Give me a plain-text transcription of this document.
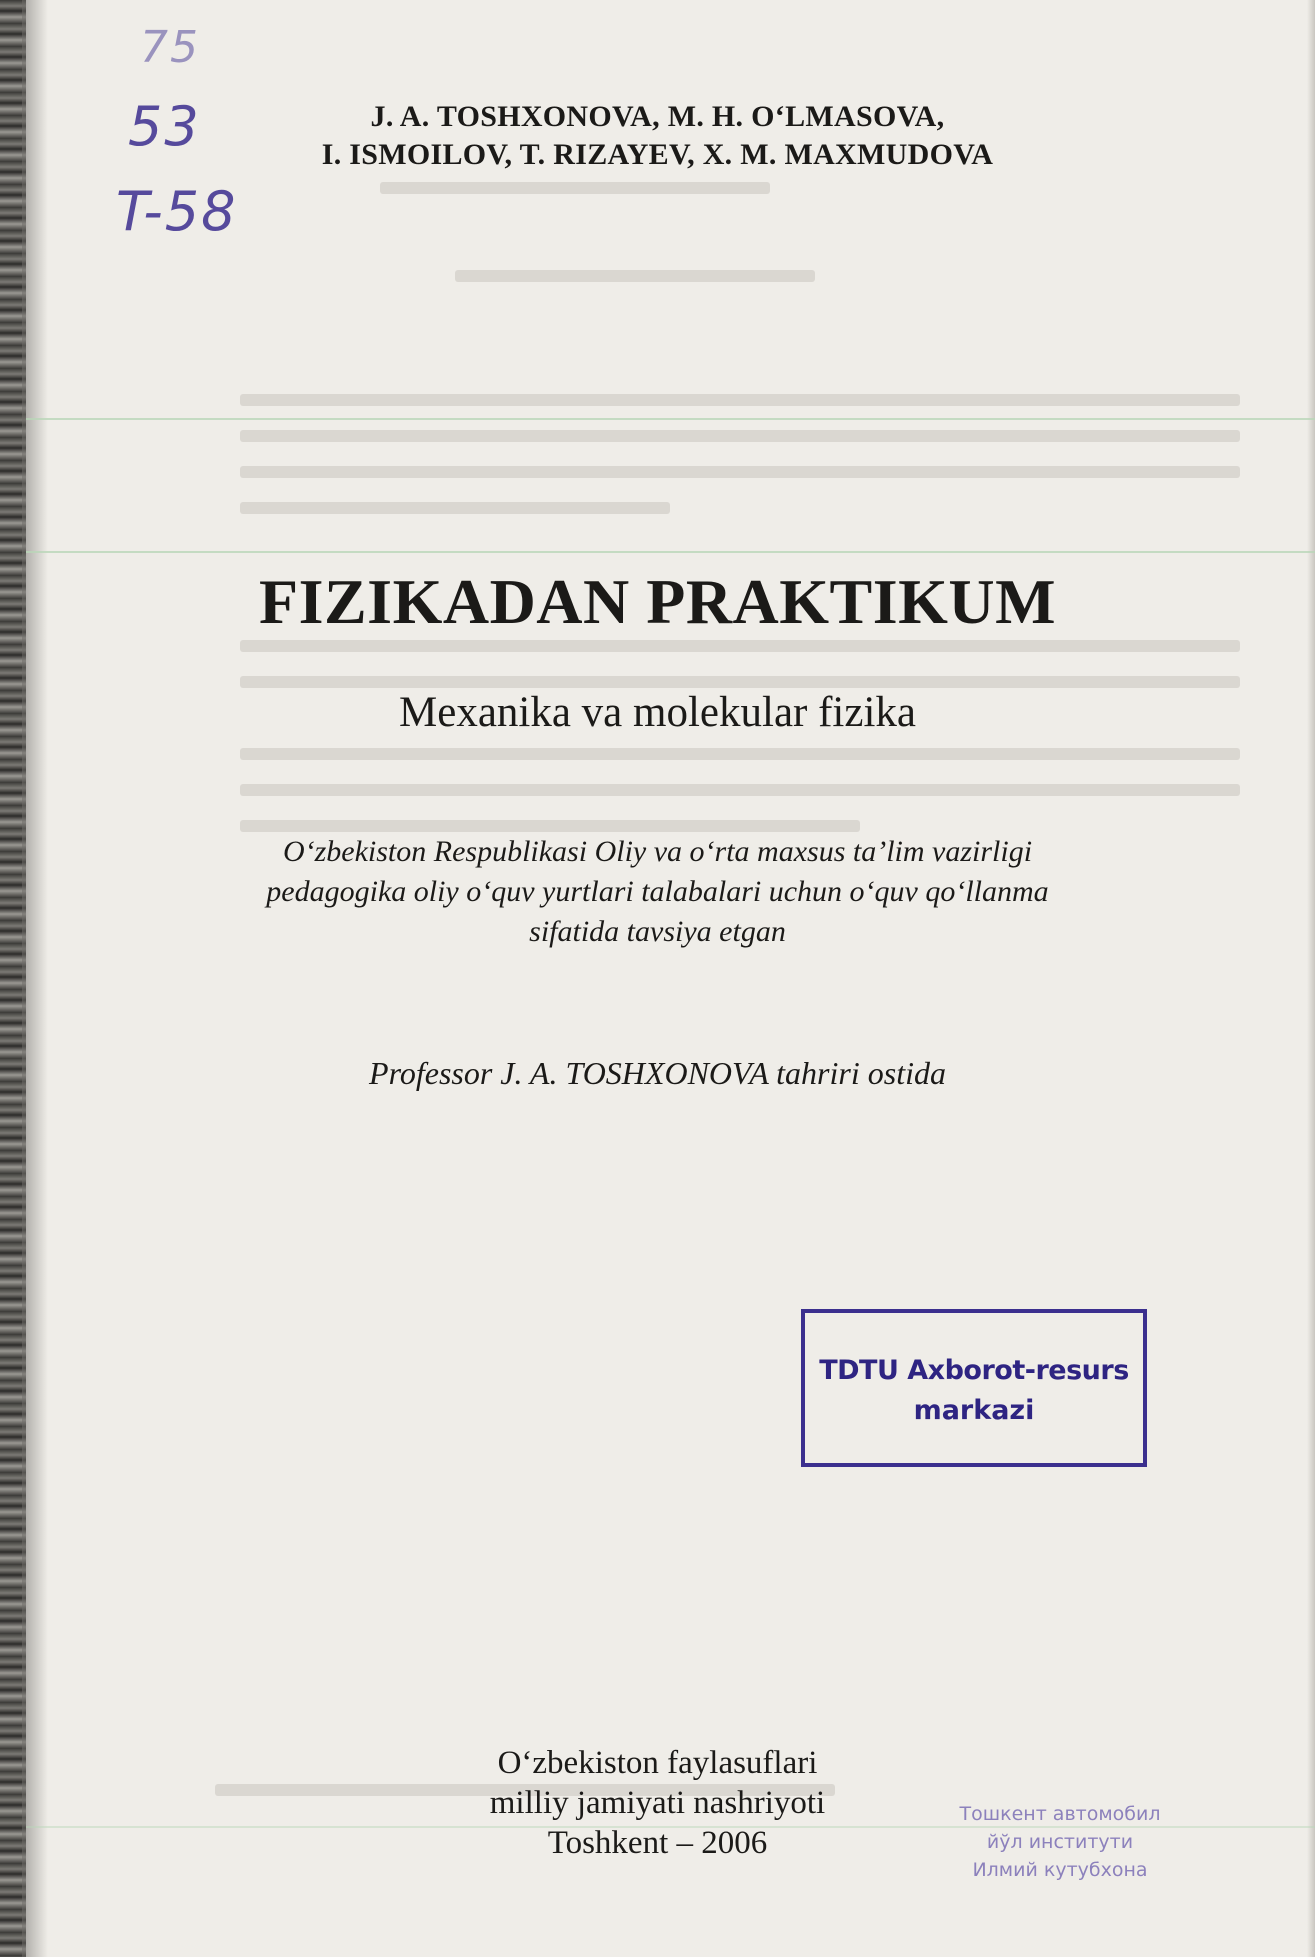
75
53
T-58
J. A. TOSHXONOVA, M. H. O‘LMASOVA,
I. ISMOILOV, T. RIZAYEV, X. M. MAXMUDOVA
FIZIKADAN PRAKTIKUM
Mexanika va molekular fizika
O‘zbekiston Respublikasi Oliy va o‘rta maxsus ta’lim vazirligi
pedagogika oliy o‘quv yurtlari talabalari uchun o‘quv qo‘llanma
sifatida tavsiya etgan
Professor J. A. TOSHXONOVA tahriri ostida
TDTU Axborot-resurs
markazi
O‘zbekiston faylasuflari
milliy jamiyati nashriyoti
Toshkent – 2006
Тошкент автомобил
йўл институти
Илмий кутубхона
